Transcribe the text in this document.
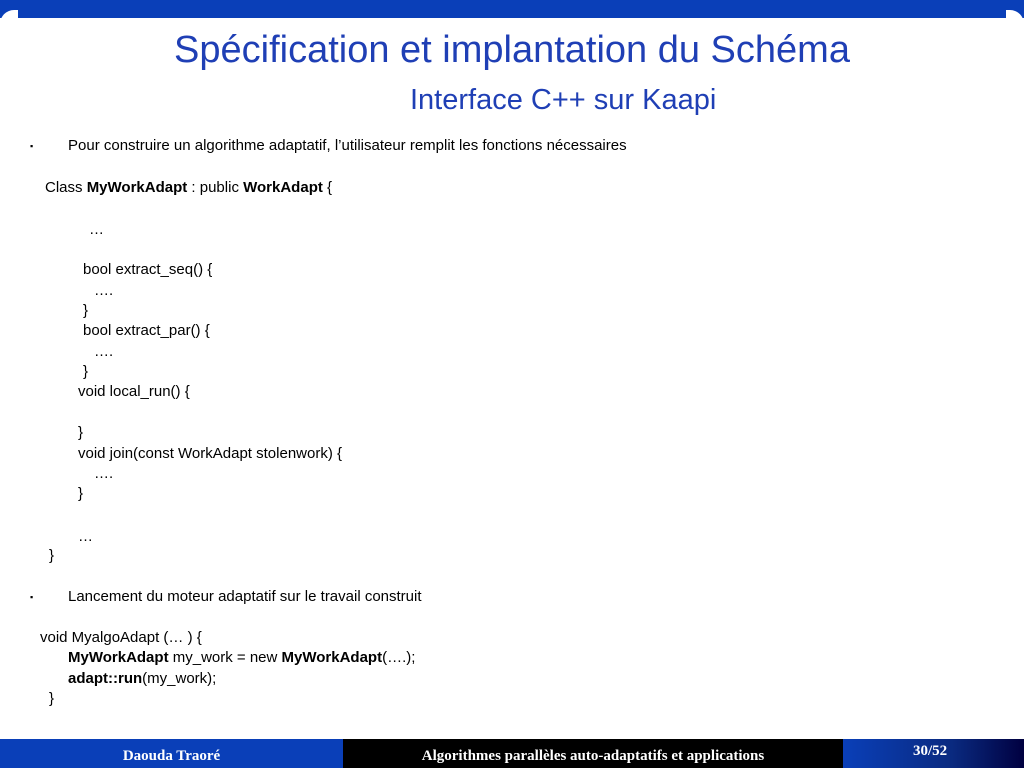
Spécification et implantation du Schéma
Interface C++ sur Kaapi
▪ Pour construire un algorithme adaptatif, l’utilisateur remplit les fonctions nécessaires
Class MyWorkAdapt : public WorkAdapt {
…
bool extract_seq() {
….
}
bool extract_par() {
….
}
void local_run() {
}
void join(const WorkAdapt stolenwork) {
….
}
…
}
▪ Lancement du moteur adaptatif sur le travail construit
void MyalgoAdapt (… ) {
MyWorkAdapt my_work = new MyWorkAdapt(….);
adapt::run(my_work);
}
Daouda Traoré	Algorithmes parallèles auto-adaptatifs et applications	30/52
